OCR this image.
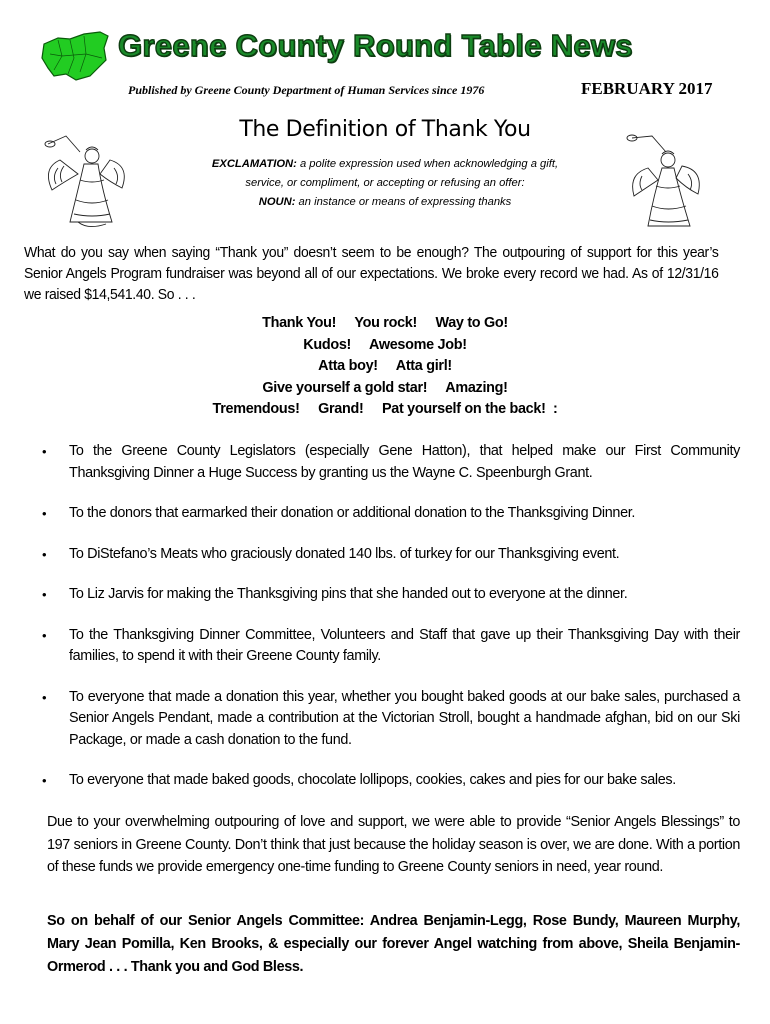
Greene County Round Table News
Published by Greene County Department of Human Services since 1976	FEBRUARY 2017
The Definition of Thank You
EXCLAMATION: a polite expression used when acknowledging a gift,
service, or compliment, or accepting or refusing an offer:
NOUN: an instance or means of expressing thanks
What do you say when saying “Thank you” doesn’t seem to be enough? The outpouring of support for this year’s Senior Angels Program fundraiser was beyond all of our expectations. We broke every record we had. As of 12/31/16 we raised $14,541.40. So . . .
Thank You!     You rock!     Way to Go!
Kudos!     Awesome Job!
Atta boy!     Atta girl!
Give yourself a gold star!     Amazing!
Tremendous!     Grand!     Pat yourself on the back!  :
• To the Greene County Legislators (especially Gene Hatton), that helped make our First Community Thanksgiving Dinner a Huge Success by granting us the Wayne C. Speenburgh Grant.
• To the donors that earmarked their donation or additional donation to the Thanksgiving Dinner.
• To DiStefano’s Meats who graciously donated 140 lbs. of turkey for our Thanksgiving event.
• To Liz Jarvis for making the Thanksgiving pins that she handed out to everyone at the dinner.
• To the Thanksgiving Dinner Committee, Volunteers and Staff that gave up their Thanksgiving Day with their families, to spend it with their Greene County family.
• To everyone that made a donation this year, whether you bought baked goods at our bake sales, purchased a Senior Angels Pendant, made a contribution at the Victorian Stroll, bought a handmade afghan, bid on our Ski Package, or made a cash donation to the fund.
• To everyone that made baked goods, chocolate lollipops, cookies, cakes and pies for our bake sales.
Due to your overwhelming outpouring of love and support, we were able to provide “Senior Angels Blessings” to 197 seniors in Greene County. Don’t think that just because the holiday season is over, we are done. With a portion of these funds we provide emergency one-time funding to Greene County seniors in need, year round.
So on behalf of our Senior Angels Committee: Andrea Benjamin-Legg, Rose Bundy, Maureen Murphy, Mary Jean Pomilla, Ken Brooks, & especially our forever Angel watching from above, Sheila Benjamin-Ormerod . . . Thank you and God Bless.
